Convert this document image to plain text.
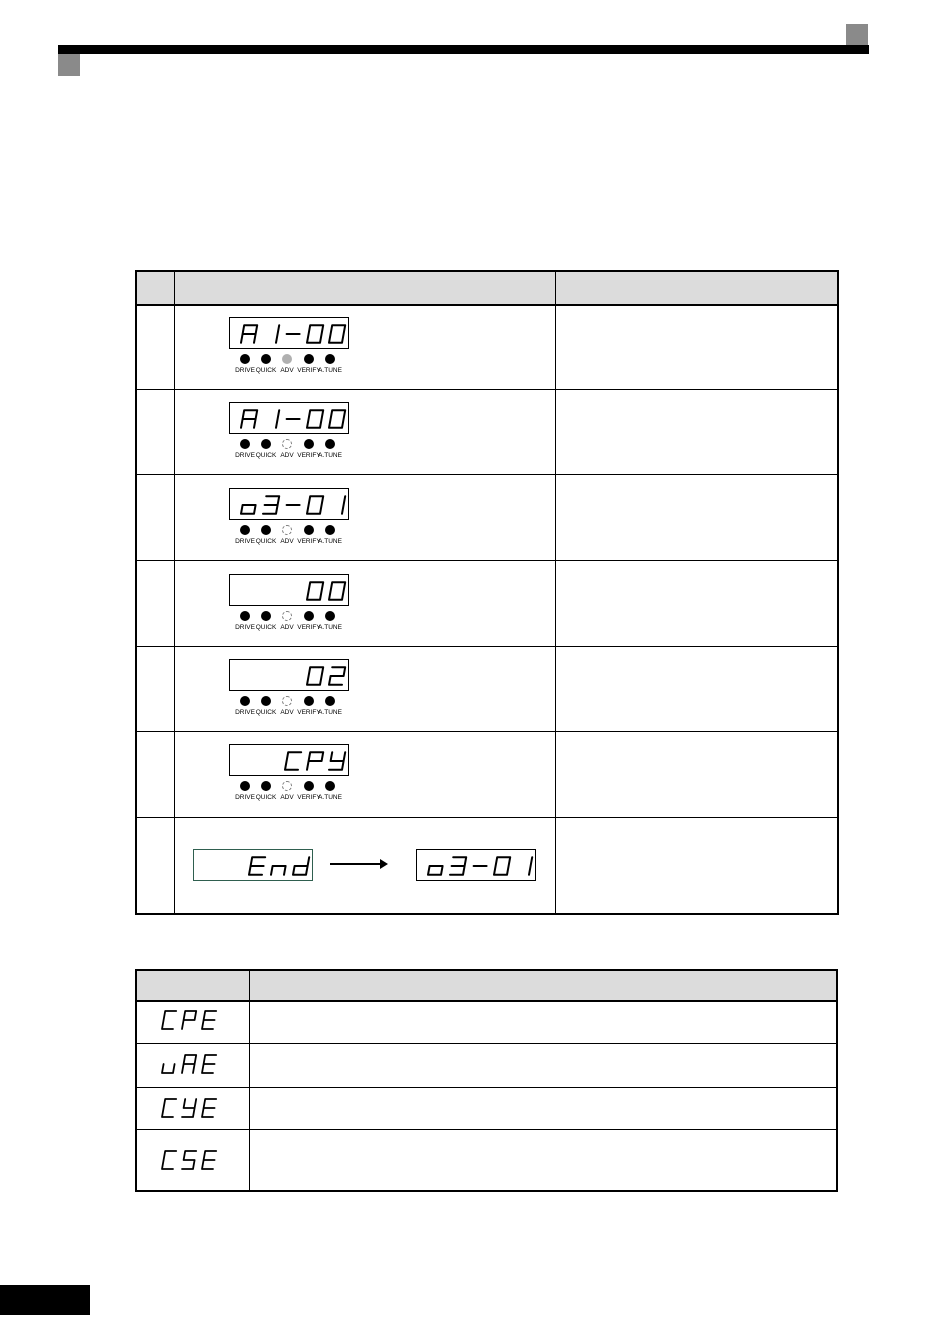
DRIVE QUICK ADV VERIFY
A.TUNE
DRIVE QUICK ADV VERIFY
A.TUNE
DRIVE QUICK ADV VERIFY
A.TUNE
DRIVE QUICK ADV VERIFY
A.TUNE
DRIVE QUICK ADV VERIFY
A.TUNE
DRIVE QUICK ADV VERIFY
A.TUNE
